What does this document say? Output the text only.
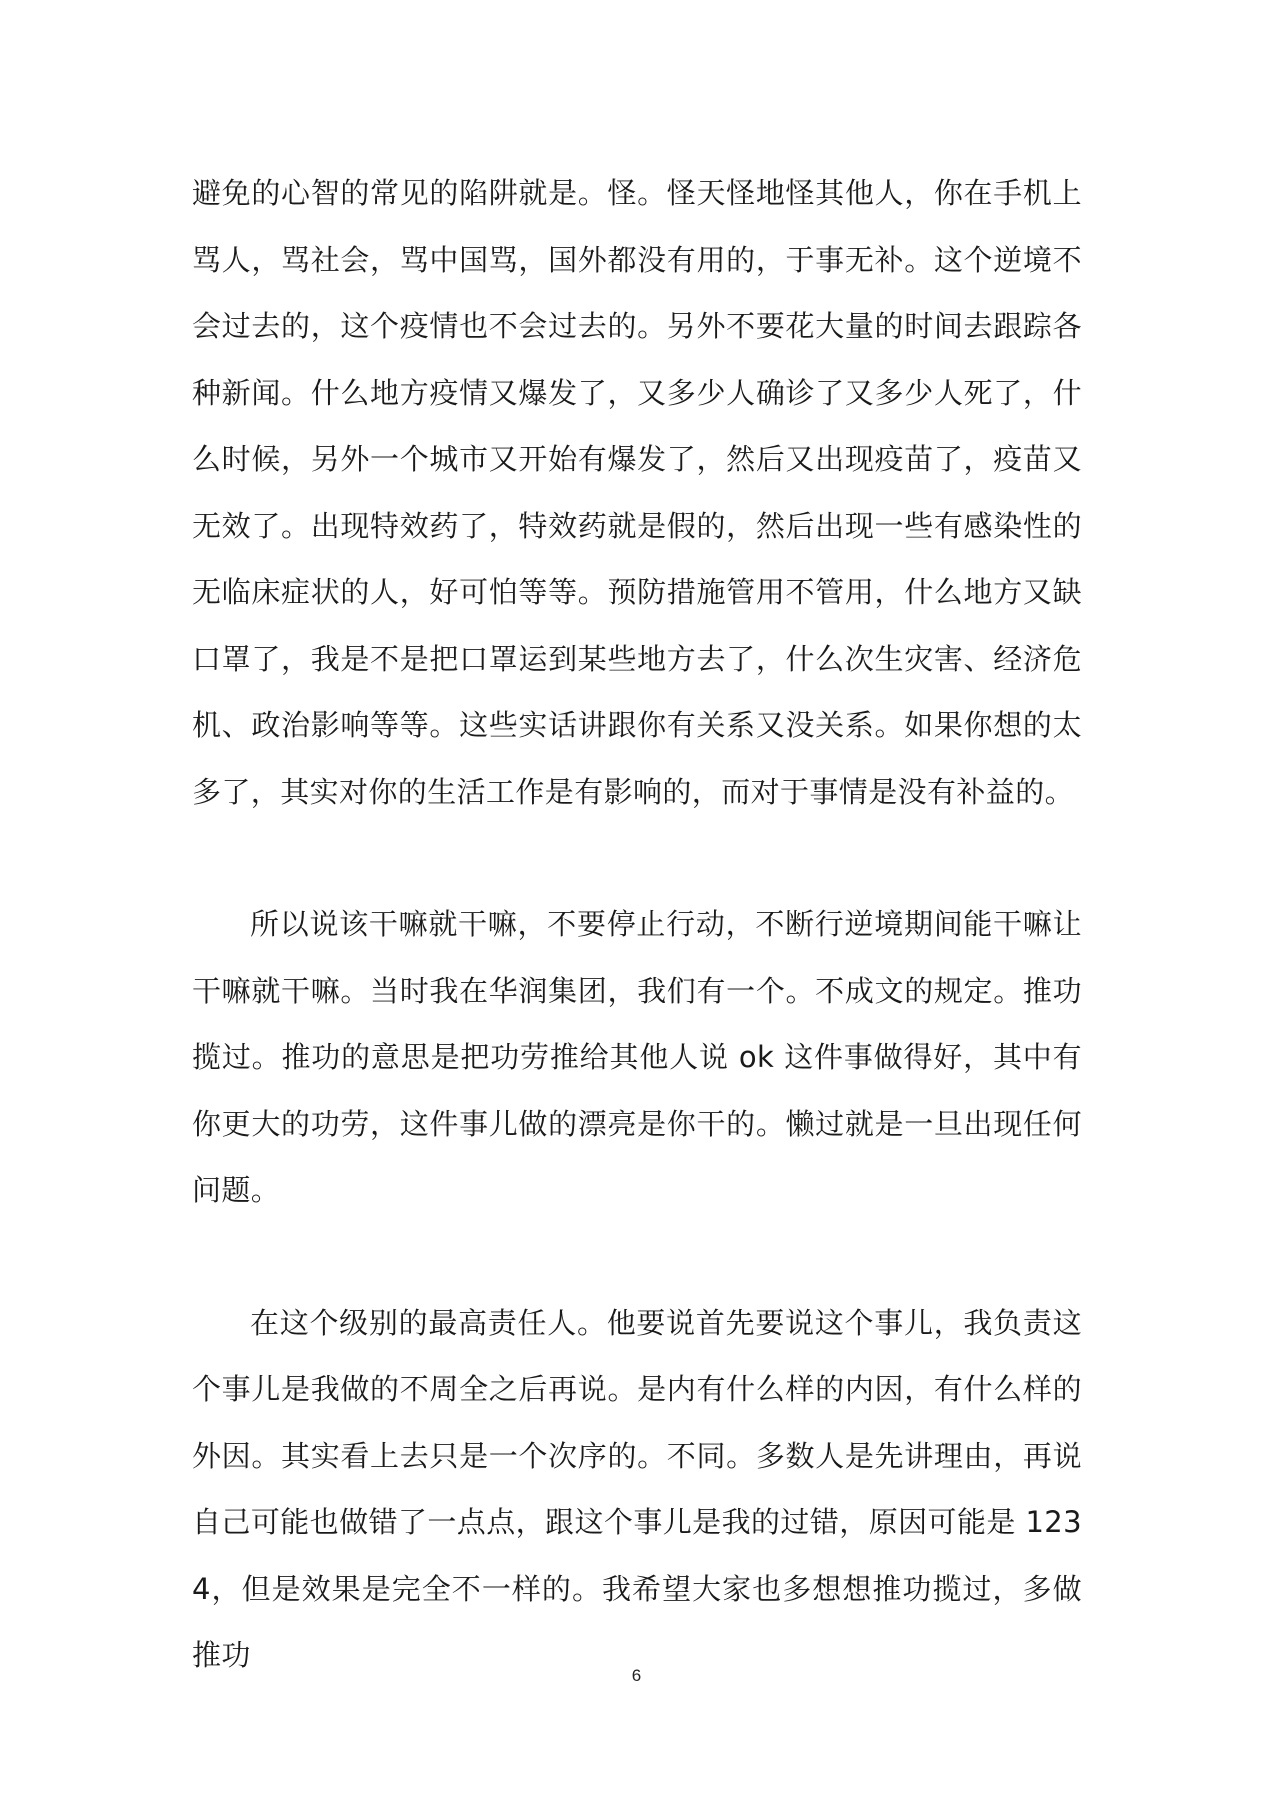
避免的心智的常见的陷阱就是。怪。怪天怪地怪其他人，你在手机上骂人，骂社会，骂中国骂，国外都没有用的，于事无补。这个逆境不会过去的，这个疫情也不会过去的。另外不要花大量的时间去跟踪各种新闻。什么地方疫情又爆发了，又多少人确诊了又多少人死了，什么时候，另外一个城市又开始有爆发了，然后又出现疫苗了，疫苗又无效了。出现特效药了，特效药就是假的，然后出现一些有感染性的无临床症状的人，好可怕等等。预防措施管用不管用，什么地方又缺口罩了，我是不是把口罩运到某些地方去了，什么次生灾害、经济危机、政治影响等等。这些实话讲跟你有关系又没关系。如果你想的太多了，其实对你的生活工作是有影响的，而对于事情是没有补益的。

所以说该干嘛就干嘛，不要停止行动，不断行逆境期间能干嘛让干嘛就干嘛。当时我在华润集团，我们有一个。不成文的规定。推功揽过。推功的意思是把功劳推给其他人说 ok 这件事做得好，其中有你更大的功劳，这件事儿做的漂亮是你干的。懒过就是一旦出现任何问题。

在这个级别的最高责任人。他要说首先要说这个事儿，我负责这个事儿是我做的不周全之后再说。是内有什么样的内因，有什么样的外因。其实看上去只是一个次序的。不同。多数人是先讲理由，再说自己可能也做错了一点点，跟这个事儿是我的过错，原因可能是 1234，但是效果是完全不一样的。我希望大家也多想想推功揽过，多做推功

6
